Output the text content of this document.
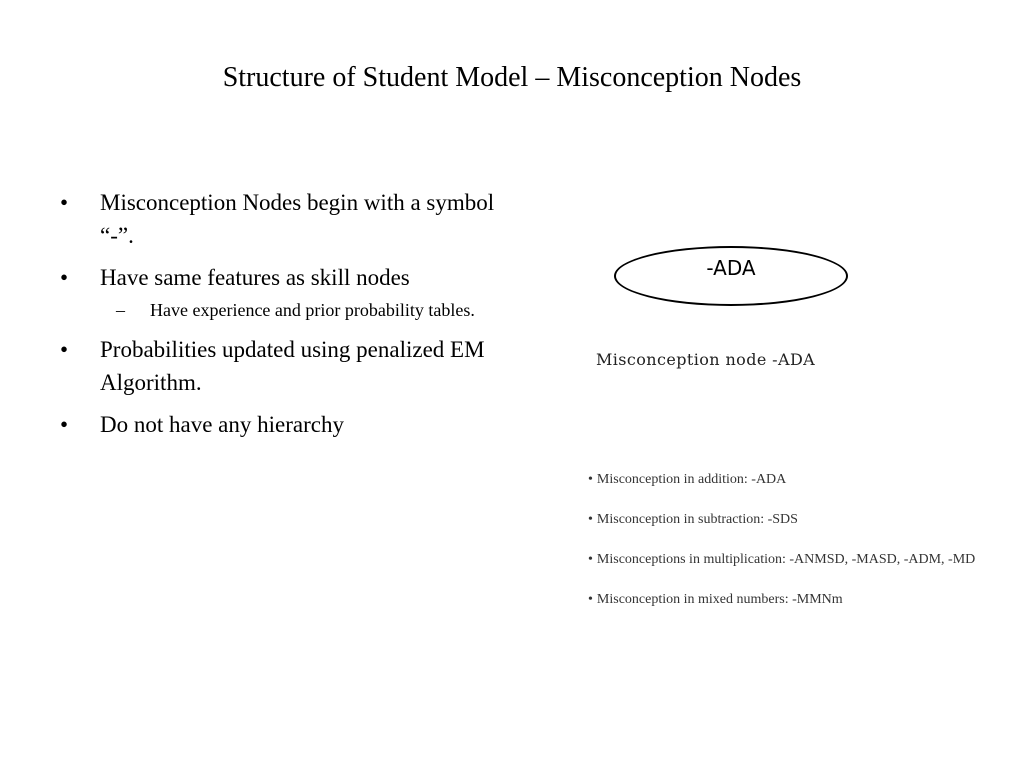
Structure of Student Model – Misconception Nodes
•	Misconception Nodes begin with a symbol “-”.
•	Have same features as skill nodes
–	Have experience and prior probability tables.
•	Probabilities updated using penalized EM Algorithm.
•	Do not have any hierarchy
-ADA
Misconception node -ADA
• Misconception in addition: -ADA
• Misconception in subtraction: -SDS
• Misconceptions in multiplication: -ANMSD, -MASD, -ADM, -MD
• Misconception in mixed numbers: -MMNm
